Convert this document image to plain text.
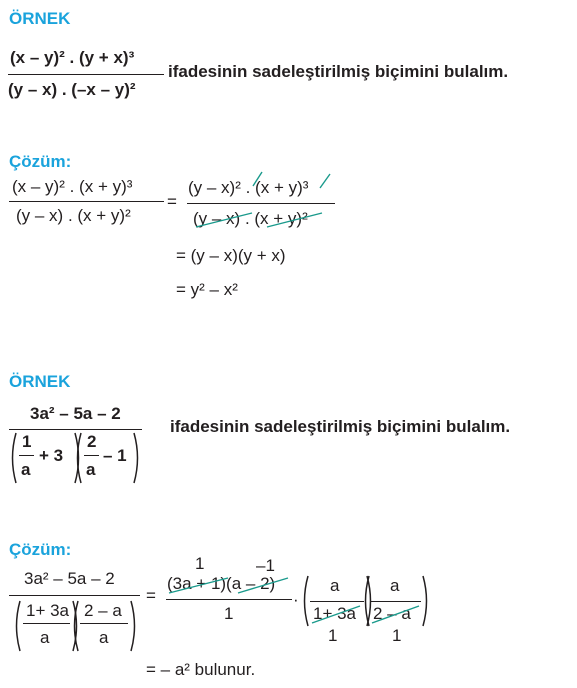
ÖRNEK
(x – y)² . (y + x)³
(y – x) . (–x – y)²
ifadesinin sadeleştirilmiş biçimini bulalım.
Çözüm:
(x – y)² . (x + y)³
(y – x) . (x + y)²
=
(y – x)² . (x + y)³
(y – x) . (x + y)²
= (y – x)(y + x)
= y² – x²
ÖRNEK
3a² – 5a – 2
1
a
+ 3
2
a
– 1
ifadesinin sadeleştirilmiş biçimini bulalım.
Çözüm:
3a² – 5a – 2
1+ 3a
a
2 – a
a
=
1	–1
(3a + 1)(a – 2)
1
·
a
1+ 3a
1
a
2 – a
1
= – a² bulunur.
